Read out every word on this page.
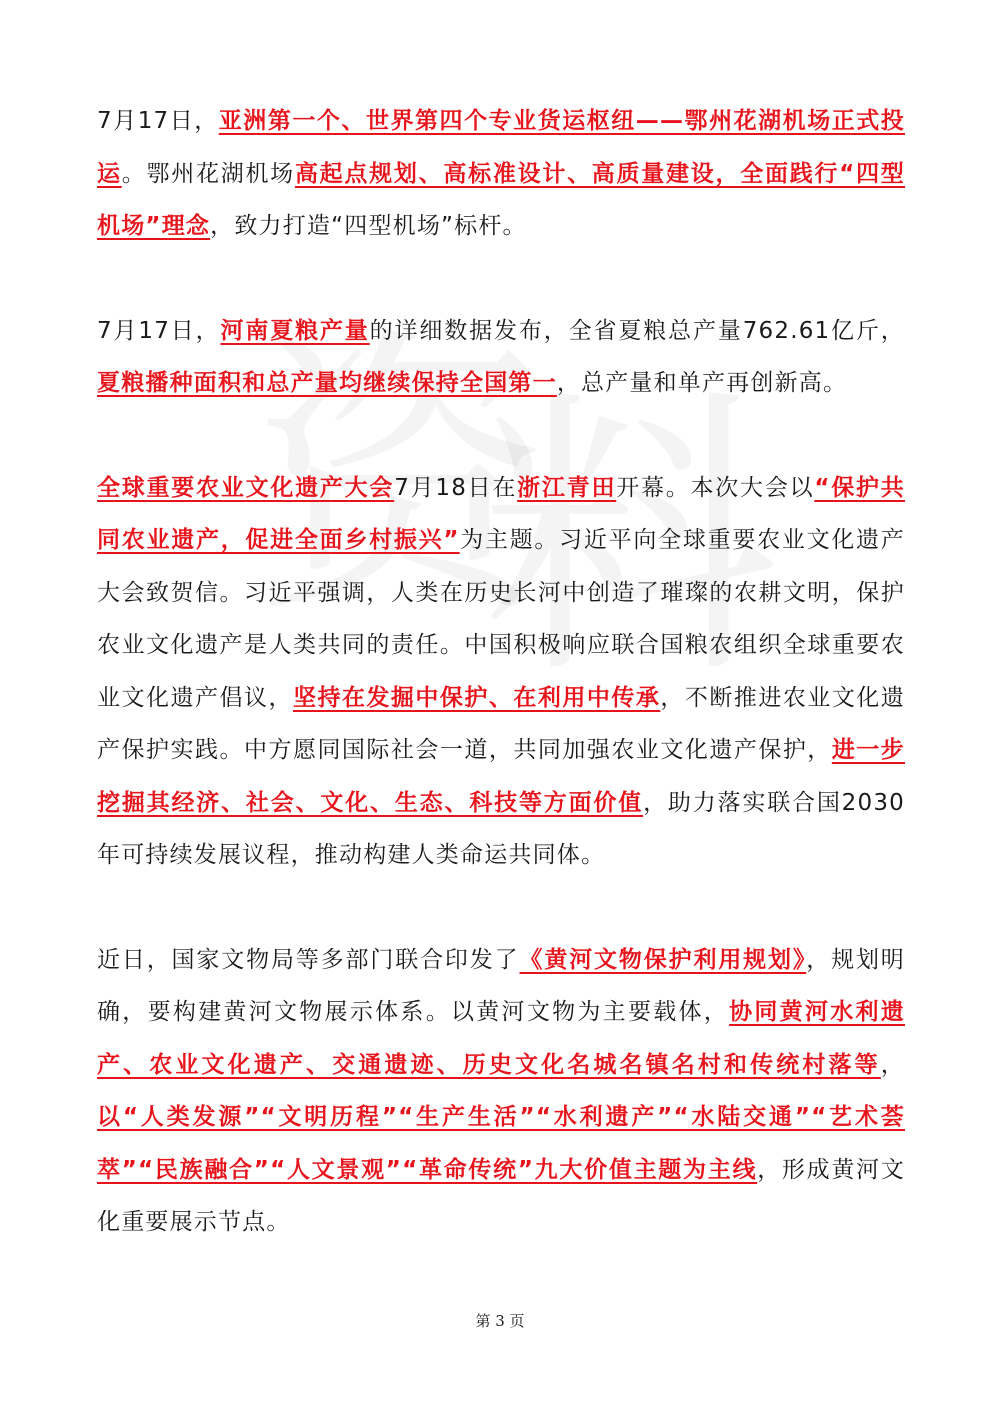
7月17日，亚洲第一个、世界第四个专业货运枢纽——鄂州花湖机场正式投运。鄂州花湖机场高起点规划、高标准设计、高质量建设，全面践行“四型机场”理念，致力打造“四型机场”标杆。

7月17日，河南夏粮产量的详细数据发布，全省夏粮总产量762.61亿斤，夏粮播种面积和总产量均继续保持全国第一，总产量和单产再创新高。

全球重要农业文化遗产大会7月18日在浙江青田开幕。本次大会以“保护共同农业遗产，促进全面乡村振兴”为主题。习近平向全球重要农业文化遗产大会致贺信。习近平强调，人类在历史长河中创造了璀璨的农耕文明，保护农业文化遗产是人类共同的责任。中国积极响应联合国粮农组织全球重要农业文化遗产倡议，坚持在发掘中保护、在利用中传承，不断推进农业文化遗产保护实践。中方愿同国际社会一道，共同加强农业文化遗产保护，进一步挖掘其经济、社会、文化、生态、科技等方面价值，助力落实联合国2030年可持续发展议程，推动构建人类命运共同体。

近日，国家文物局等多部门联合印发了《黄河文物保护利用规划》，规划明确，要构建黄河文物展示体系。以黄河文物为主要载体，协同黄河水利遗产、农业文化遗产、交通遗迹、历史文化名城名镇名村和传统村落等，以“人类发源”“文明历程”“生产生活”“水利遗产”“水陆交通”“艺术荟萃”“民族融合”“人文景观”“革命传统”九大价值主题为主线，形成黄河文化重要展示节点。

第 3 页
